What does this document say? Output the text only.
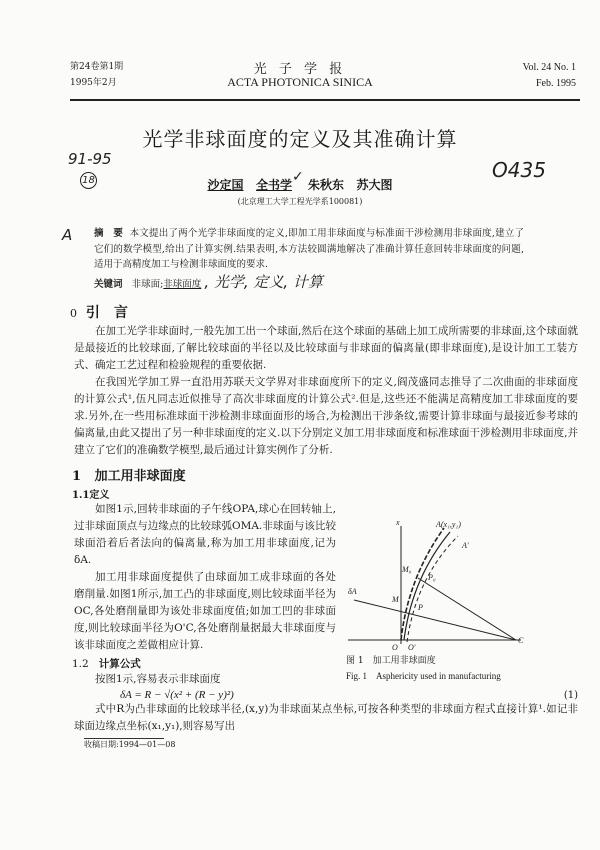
第24卷第1期
1995年2月
光 子 学 报
ACTA PHOTONICA SINICA
Vol. 24 No. 1
Feb. 1995
光学非球面度的定义及其准确计算
91-95
18	O435
沙定国 全书学✓ 朱秋东 苏大图
(北京理工大学工程光学系100081)
A 摘　要 本文提出了两个光学非球面度的定义,即加工用非球面度与标准面干涉检测用非球面度,建立了它们的数学模型,给出了计算实例.结果表明,本方法较圆满地解决了准确计算任意回转非球面度的问题,适用于高精度加工与检测非球面度的要求.
关键词 非球面;非球面度 , 光学, 定义, 计算
0 引　言

在加工光学非球面时,一般先加工出一个球面,然后在这个球面的基础上加工成所需要的非球面,这个球面就是最接近的比较球面,了解比较球面的半径以及比较球面与非球面的偏离量(即非球面度),是设计加工工装方式、确定工艺过程和检验规程的重要依据.

在我国光学加工界一直沿用苏联天文学界对非球面度所下的定义,阎茂盛同志推导了二次曲面的非球面度的计算公式¹,伍凡同志近似推导了高次非球面度的计算公式².但是,这些还不能满足高精度加工非球面度的要求.另外,在一些用标准球面干涉检测非球面面形的场合,为检测出干涉条纹,需要计算非球面与最接近参考球的偏离量,由此又提出了另一种非球面度的定义.以下分别定义加工用非球面度和标准球面干涉检测用非球面度,并建立了它们的准确数学模型,最后通过计算实例作了分析.

1 加工用非球面度
1.1定义

如图1示,回转非球面的子午线OPA,球心在回转轴上,过非球面顶点与边缘点的比较球弧OMA.非球面与该比较球面沿着后者法向的偏离量,称为加工用非球面度,记为δA.

加工用非球面度提供了由球面加工成非球面的各处磨削量.如图1所示,加工凸的非球面度,则比较球面半径为OC,各处磨削量即为该处非球面度值;如加工凹的非球面度,则比较球面半径为O'C,各处磨削量据最大非球面度与该非球面度之差做相应计算.

1.2 计算公式

按图1示,容易表示非球面度

x	A(x₁,y₁)
A'
M₀
P₀
M
P
δA
O O'
C
图 1　加工用非球面度
Fig. 1　Asphericity used in manufacturing
δA = R − √(x² + (R − y)²)	(1)

式中R为凸非球面的比较球半径,(x,y)为非球面某点坐标,可按各种类型的非球面方程式直接计算¹.如记非球面边缘点坐标(x₁,y₁),则容易写出

收稿日期:1994—01—08
